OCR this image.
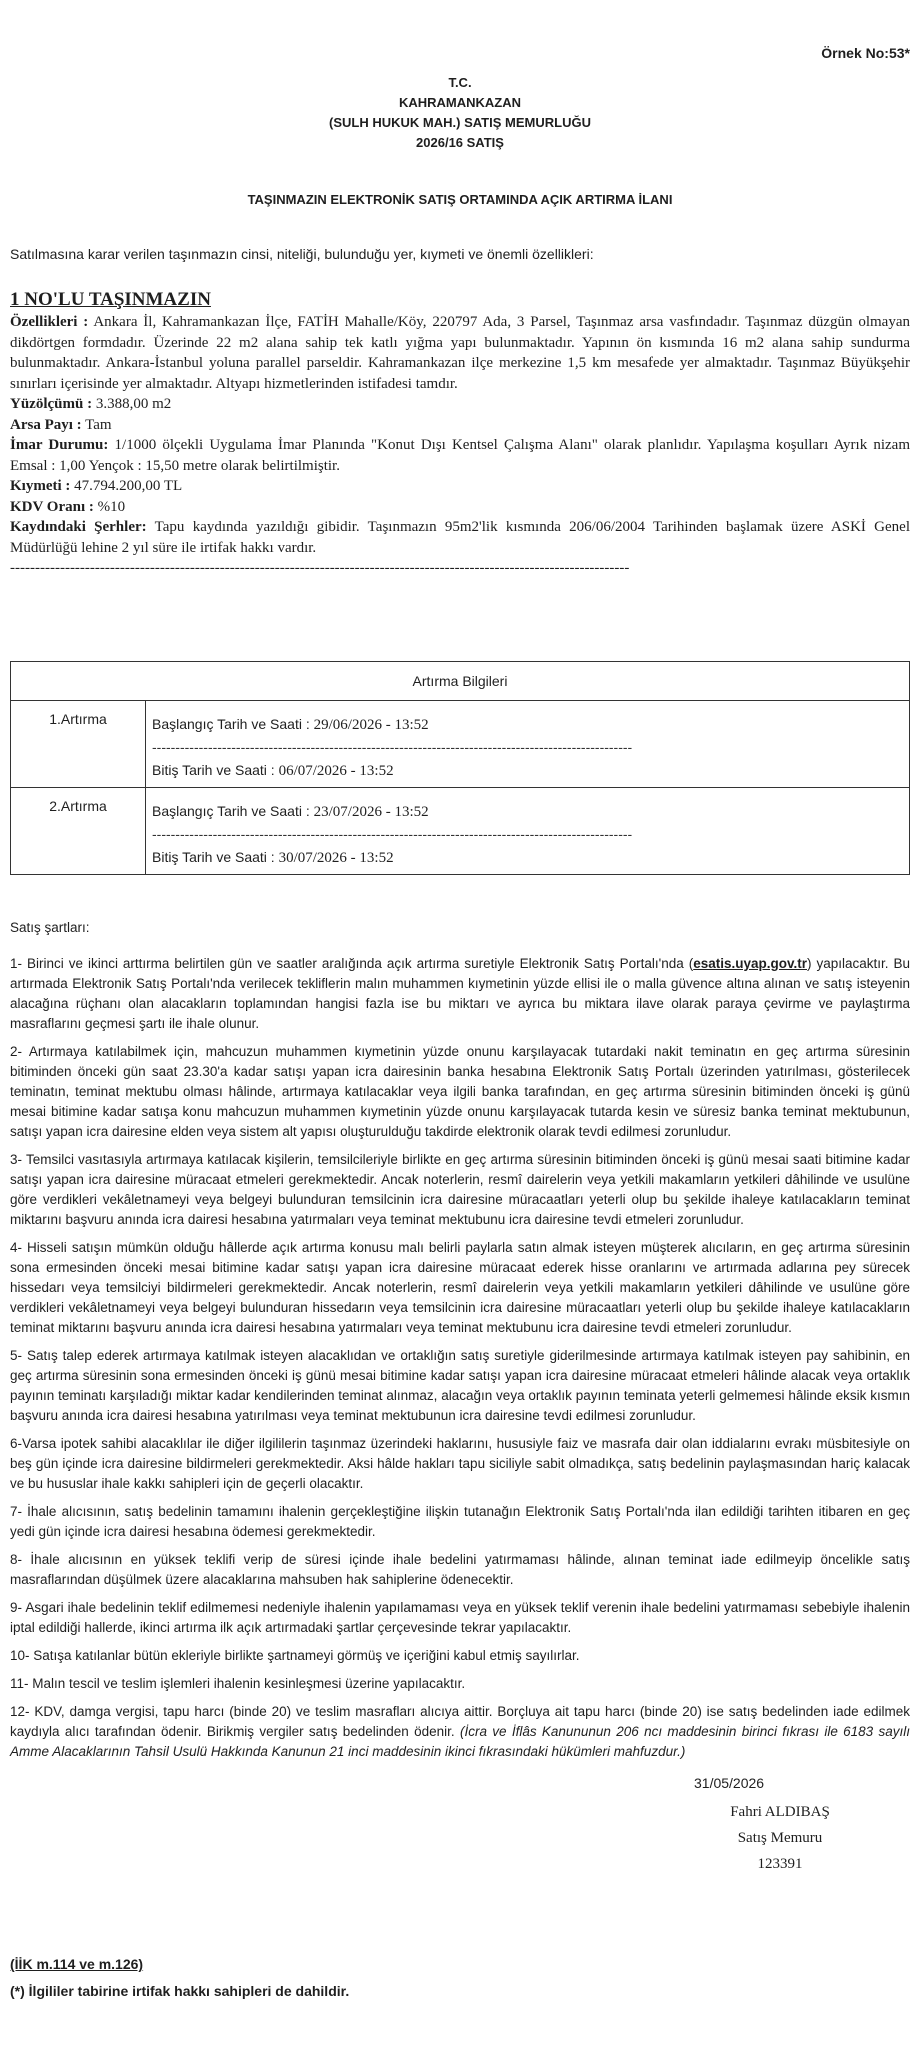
Örnek No:53*
T.C.
KAHRAMANKAZAN
(SULH HUKUK MAH.) SATIŞ MEMURLUĞU
2026/16 SATIŞ
TAŞINMAZIN ELEKTRONİK SATIŞ ORTAMINDA AÇIK ARTIRMA İLANI
Satılmasına karar verilen taşınmazın cinsi, niteliği, bulunduğu yer, kıymeti ve önemli özellikleri:
1 NO'LU TAŞINMAZIN

Özellikleri : Ankara İl, Kahramankazan İlçe, FATİH Mahalle/Köy, 220797 Ada, 3 Parsel, Taşınmaz arsa vasfındadır. Taşınmaz düzgün olmayan dikdörtgen formdadır. Üzerinde 22 m2 alana sahip tek katlı yığma yapı bulunmaktadır. Yapının ön kısmında 16 m2 alana sahip sundurma bulunmaktadır. Ankara-İstanbul yoluna parallel parseldir. Kahramankazan ilçe merkezine 1,5 km mesafede yer almaktadır. Taşınmaz Büyükşehir sınırları içerisinde yer almaktadır. Altyapı hizmetlerinden istifadesi tamdır.

Yüzölçümü : 3.388,00 m2

Arsa Payı : Tam

İmar Durumu: 1/1000 ölçekli Uygulama İmar Planında "Konut Dışı Kentsel Çalışma Alanı" olarak planlıdır. Yapılaşma koşulları Ayrık nizam Emsal : 1,00 Yençok : 15,50 metre olarak belirtilmiştir.

Kıymeti : 47.794.200,00 TL

KDV Oranı : %10

Kaydındaki Şerhler: Tapu kaydında yazıldığı gibidir. Taşınmazın 95m2'lik kısmında 206/06/2004 Tarihinden başlamak üzere ASKİ Genel Müdürlüğü lehine 2 yıl süre ile irtifak hakkı vardır.

----------------------------------------------------------------------------------------------------------------------------
Artırma Bilgileri	
1.Artırma	Başlangıç Tarih ve Saati : 29/06/2026 - 13:52
-------------------------------------------------------------------------------------------------------
Bitiş Tarih ve Saati : 06/07/2026 - 13:52

2.Artırma	Başlangıç Tarih ve Saati : 23/07/2026 - 13:52
-------------------------------------------------------------------------------------------------------
Bitiş Tarih ve Saati : 30/07/2026 - 13:52

Satış şartları:

1- Birinci ve ikinci arttırma belirtilen gün ve saatler aralığında açık artırma suretiyle Elektronik Satış Portalı'nda (esatis.uyap.gov.tr) yapılacaktır. Bu artırmada Elektronik Satış Portalı'nda verilecek tekliflerin malın muhammen kıymetinin yüzde ellisi ile o malla güvence altına alınan ve satış isteyenin alacağına rüçhanı olan alacakların toplamından hangisi fazla ise bu miktarı ve ayrıca bu miktara ilave olarak paraya çevirme ve paylaştırma masraflarını geçmesi şartı ile ihale olunur.

2- Artırmaya katılabilmek için, mahcuzun muhammen kıymetinin yüzde onunu karşılayacak tutardaki nakit teminatın en geç artırma süresinin bitiminden önceki gün saat 23.30'a kadar satışı yapan icra dairesinin banka hesabına Elektronik Satış Portalı üzerinden yatırılması, gösterilecek teminatın, teminat mektubu olması hâlinde, artırmaya katılacaklar veya ilgili banka tarafından, en geç artırma süresinin bitiminden önceki iş günü mesai bitimine kadar satışa konu mahcuzun muhammen kıymetinin yüzde onunu karşılayacak tutarda kesin ve süresiz banka teminat mektubunun, satışı yapan icra dairesine elden veya sistem alt yapısı oluşturulduğu takdirde elektronik olarak tevdi edilmesi zorunludur.

3- Temsilci vasıtasıyla artırmaya katılacak kişilerin, temsilcileriyle birlikte en geç artırma süresinin bitiminden önceki iş günü mesai saati bitimine kadar satışı yapan icra dairesine müracaat etmeleri gerekmektedir. Ancak noterlerin, resmî dairelerin veya yetkili makamların yetkileri dâhilinde ve usulüne göre verdikleri vekâletnameyi veya belgeyi bulunduran temsilcinin icra dairesine müracaatları yeterli olup bu şekilde ihaleye katılacakların teminat miktarını başvuru anında icra dairesi hesabına yatırmaları veya teminat mektubunu icra dairesine tevdi etmeleri zorunludur.

4- Hisseli satışın mümkün olduğu hâllerde açık artırma konusu malı belirli paylarla satın almak isteyen müşterek alıcıların, en geç artırma süresinin sona ermesinden önceki mesai bitimine kadar satışı yapan icra dairesine müracaat ederek hisse oranlarını ve artırmada adlarına pey sürecek hissedarı veya temsilciyi bildirmeleri gerekmektedir. Ancak noterlerin, resmî dairelerin veya yetkili makamların yetkileri dâhilinde ve usulüne göre verdikleri vekâletnameyi veya belgeyi bulunduran hissedarın veya temsilcinin icra dairesine müracaatları yeterli olup bu şekilde ihaleye katılacakların teminat miktarını başvuru anında icra dairesi hesabına yatırmaları veya teminat mektubunu icra dairesine tevdi etmeleri zorunludur.

5- Satış talep ederek artırmaya katılmak isteyen alacaklıdan ve ortaklığın satış suretiyle giderilmesinde artırmaya katılmak isteyen pay sahibinin, en geç artırma süresinin sona ermesinden önceki iş günü mesai bitimine kadar satışı yapan icra dairesine müracaat etmeleri hâlinde alacak veya ortaklık payının teminatı karşıladığı miktar kadar kendilerinden teminat alınmaz, alacağın veya ortaklık payının teminata yeterli gelmemesi hâlinde eksik kısmın başvuru anında icra dairesi hesabına yatırılması veya teminat mektubunun icra dairesine tevdi edilmesi zorunludur.

6-Varsa ipotek sahibi alacaklılar ile diğer ilgililerin taşınmaz üzerindeki haklarını, hususiyle faiz ve masrafa dair olan iddialarını evrakı müsbitesiyle on beş gün içinde icra dairesine bildirmeleri gerekmektedir. Aksi hâlde hakları tapu siciliyle sabit olmadıkça, satış bedelinin paylaşmasından hariç kalacak ve bu hususlar ihale kakkı sahipleri için de geçerli olacaktır.

7- İhale alıcısının, satış bedelinin tamamını ihalenin gerçekleştiğine ilişkin tutanağın Elektronik Satış Portalı'nda ilan edildiği tarihten itibaren en geç yedi gün içinde icra dairesi hesabına ödemesi gerekmektedir.

8- İhale alıcısının en yüksek teklifi verip de süresi içinde ihale bedelini yatırmaması hâlinde, alınan teminat iade edilmeyip öncelikle satış masraflarından düşülmek üzere alacaklarına mahsuben hak sahiplerine ödenecektir.

9- Asgari ihale bedelinin teklif edilmemesi nedeniyle ihalenin yapılamaması veya en yüksek teklif verenin ihale bedelini yatırmaması sebebiyle ihalenin iptal edildiği hallerde, ikinci artırma ilk açık artırmadaki şartlar çerçevesinde tekrar yapılacaktır.

10- Satışa katılanlar bütün ekleriyle birlikte şartnameyi görmüş ve içeriğini kabul etmiş sayılırlar.

11- Malın tescil ve teslim işlemleri ihalenin kesinleşmesi üzerine yapılacaktır.

12- KDV, damga vergisi, tapu harcı (binde 20) ve teslim masrafları alıcıya aittir. Borçluya ait tapu harcı (binde 20) ise satış bedelinden iade edilmek kaydıyla alıcı tarafından ödenir. Birikmiş vergiler satış bedelinden ödenir. (İcra ve İflâs Kanununun 206 ncı maddesinin birinci fıkrası ile 6183 sayılı Amme Alacaklarının Tahsil Usulü Hakkında Kanunun 21 inci maddesinin ikinci fıkrasındaki hükümleri mahfuzdur.)

31/05/2026
Fahri ALDIBAŞ
Satış Memuru
123391
(İİK m.114 ve m.126)
(*) İlgililer tabirine irtifak hakkı sahipleri de dahildir.
